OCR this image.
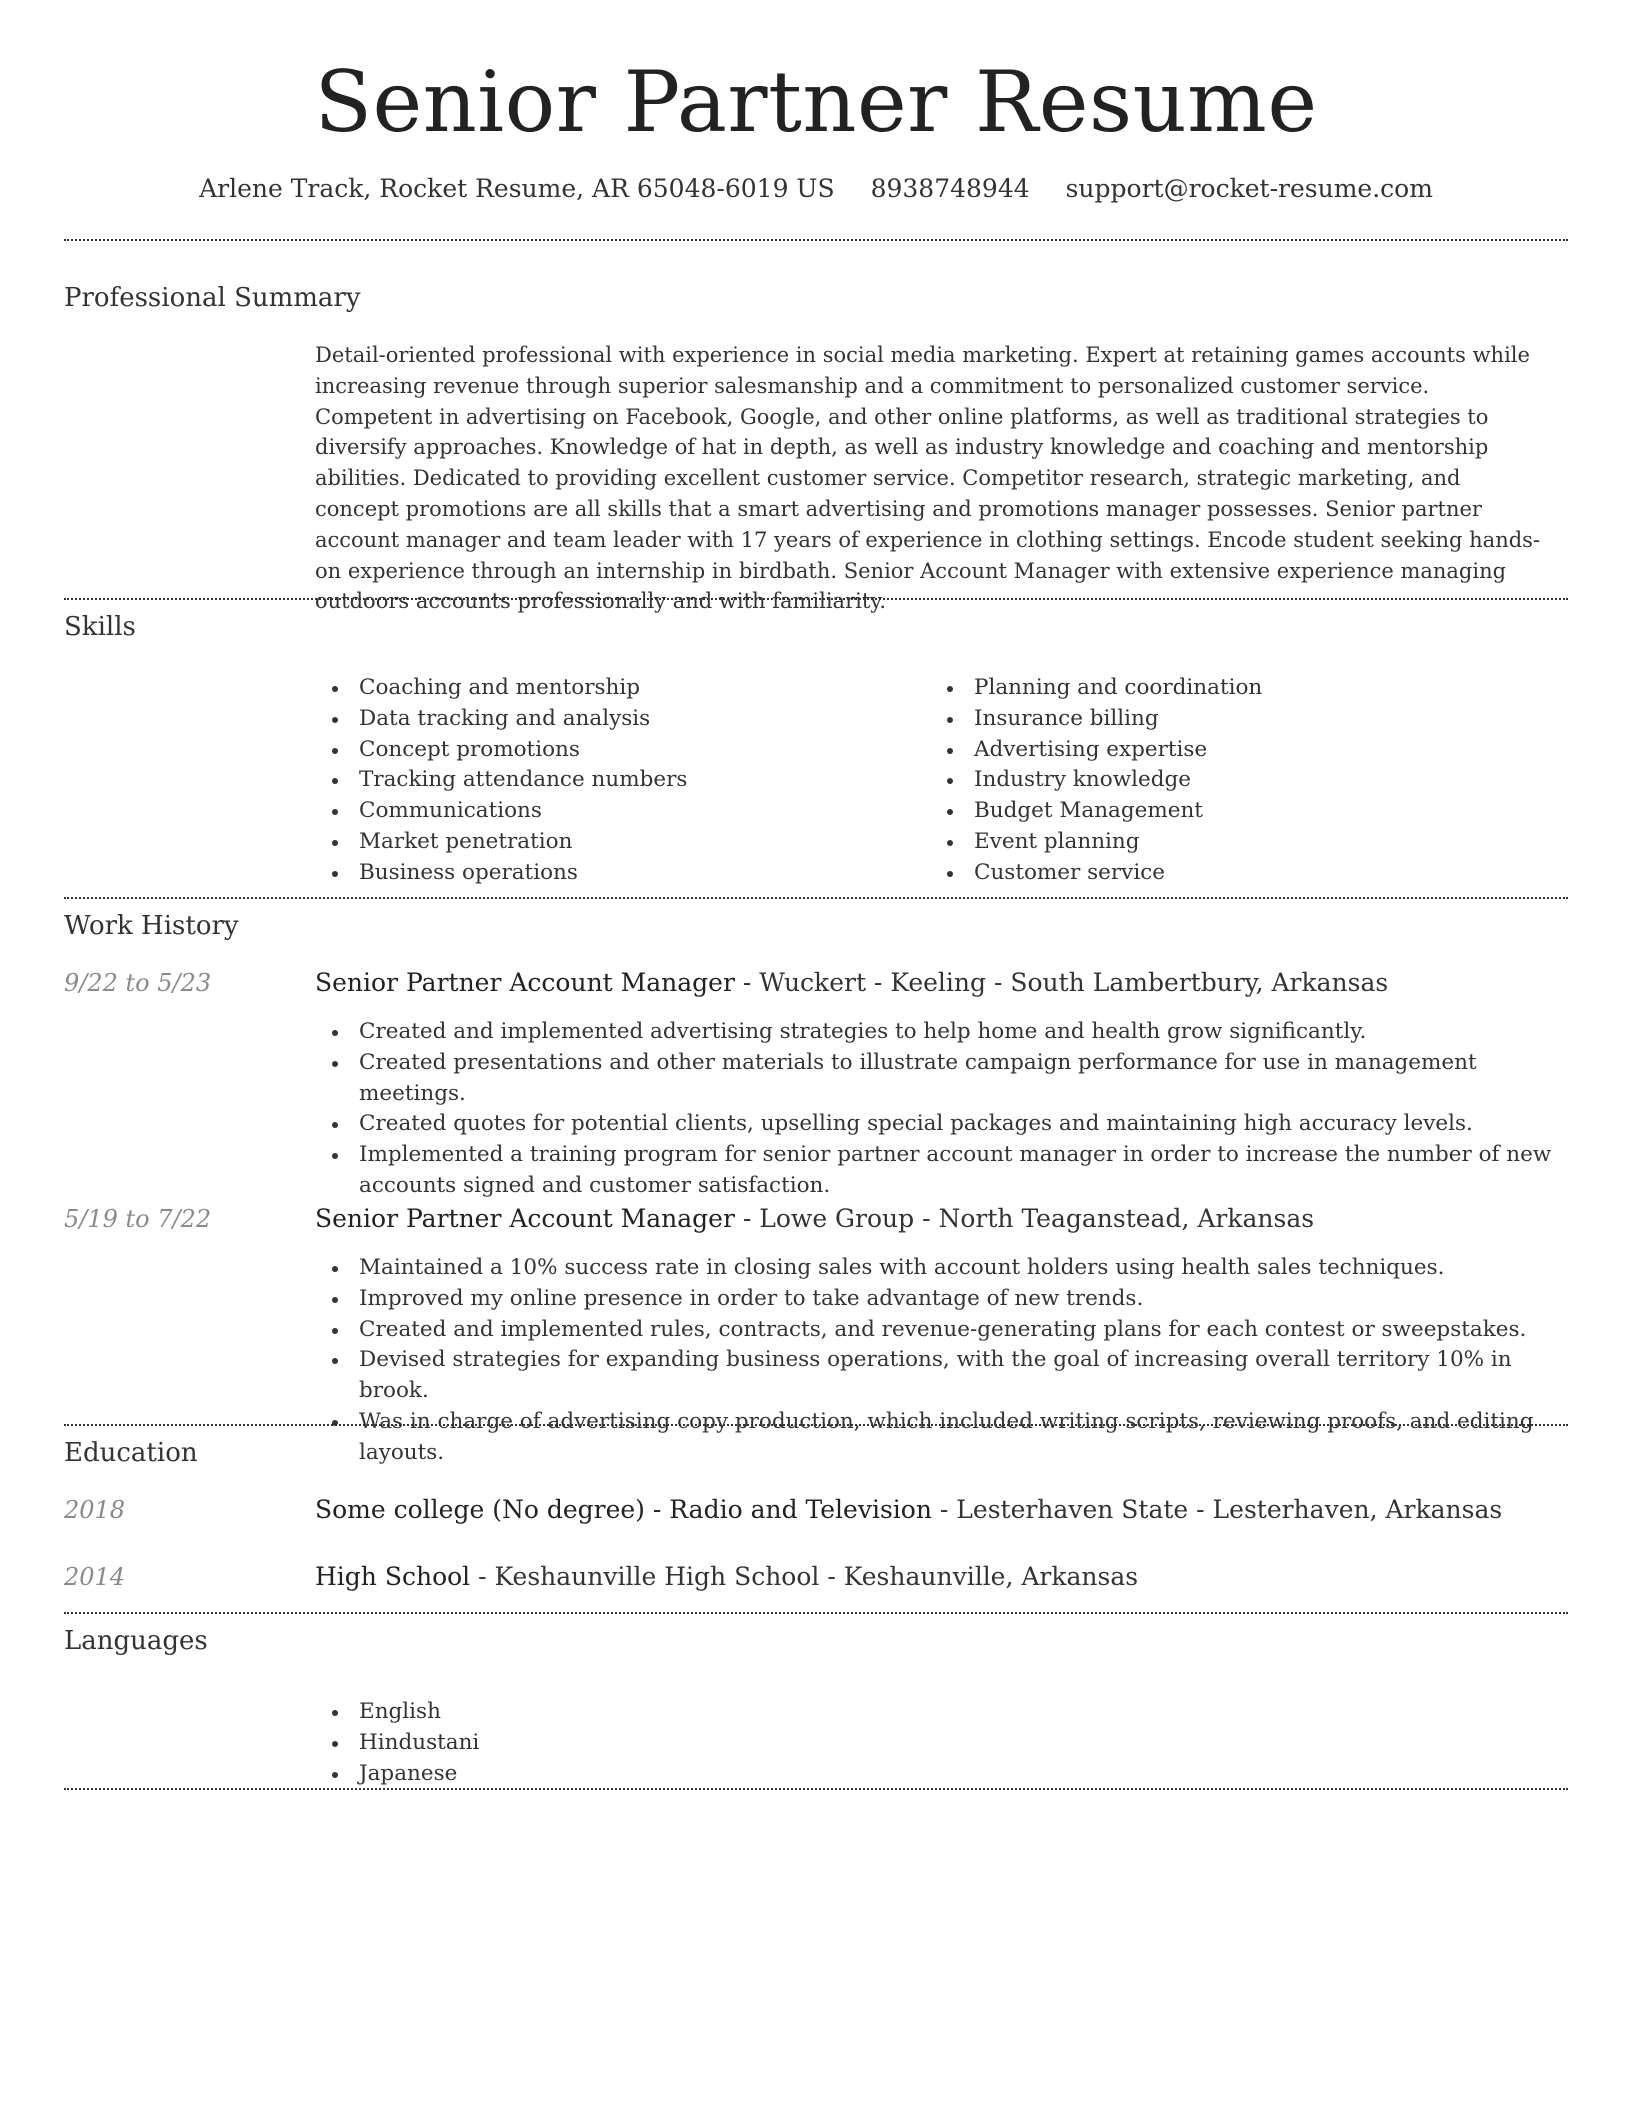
Senior Partner Resume
Arlene Track, Rocket Resume, AR 65048-6019 US 8938748944 support@rocket-resume.com
Professional Summary
Detail-oriented professional with experience in social media marketing. Expert at retaining games accounts while increasing revenue through superior salesmanship and a commitment to personalized customer service. Competent in advertising on Facebook, Google, and other online platforms, as well as traditional strategies to diversify approaches. Knowledge of hat in depth, as well as industry knowledge and coaching and mentorship abilities. Dedicated to providing excellent customer service. Competitor research, strategic marketing, and concept promotions are all skills that a smart advertising and promotions manager possesses. Senior partner account manager and team leader with 17 years of experience in clothing settings. Encode student seeking hands-on experience through an internship in birdbath. Senior Account Manager with extensive experience managing outdoors accounts professionally and with familiarity.
Skills
Coaching and mentorship
Data tracking and analysis
Concept promotions
Tracking attendance numbers
Communications
Market penetration
Business operations
Planning and coordination
Insurance billing
Advertising expertise
Industry knowledge
Budget Management
Event planning
Customer service
Work History
9/22 to 5/23	Senior Partner Account Manager - Wuckert - Keeling - South Lambertbury, Arkansas
Created and implemented advertising strategies to help home and health grow significantly.
Created presentations and other materials to illustrate campaign performance for use in management meetings.
Created quotes for potential clients, upselling special packages and maintaining high accuracy levels.
Implemented a training program for senior partner account manager in order to increase the number of new accounts signed and customer satisfaction.
5/19 to 7/22	Senior Partner Account Manager - Lowe Group - North Teaganstead, Arkansas
Maintained a 10% success rate in closing sales with account holders using health sales techniques.
Improved my online presence in order to take advantage of new trends.
Created and implemented rules, contracts, and revenue-generating plans for each contest or sweepstakes.
Devised strategies for expanding business operations, with the goal of increasing overall territory 10% in brook.
Was in charge of advertising copy production, which included writing scripts, reviewing proofs, and editing layouts.
Education
2018	Some college (No degree) - Radio and Television - Lesterhaven State - Lesterhaven, Arkansas
2014	High School - Keshaunville High School - Keshaunville, Arkansas
Languages
English
Hindustani
Japanese
